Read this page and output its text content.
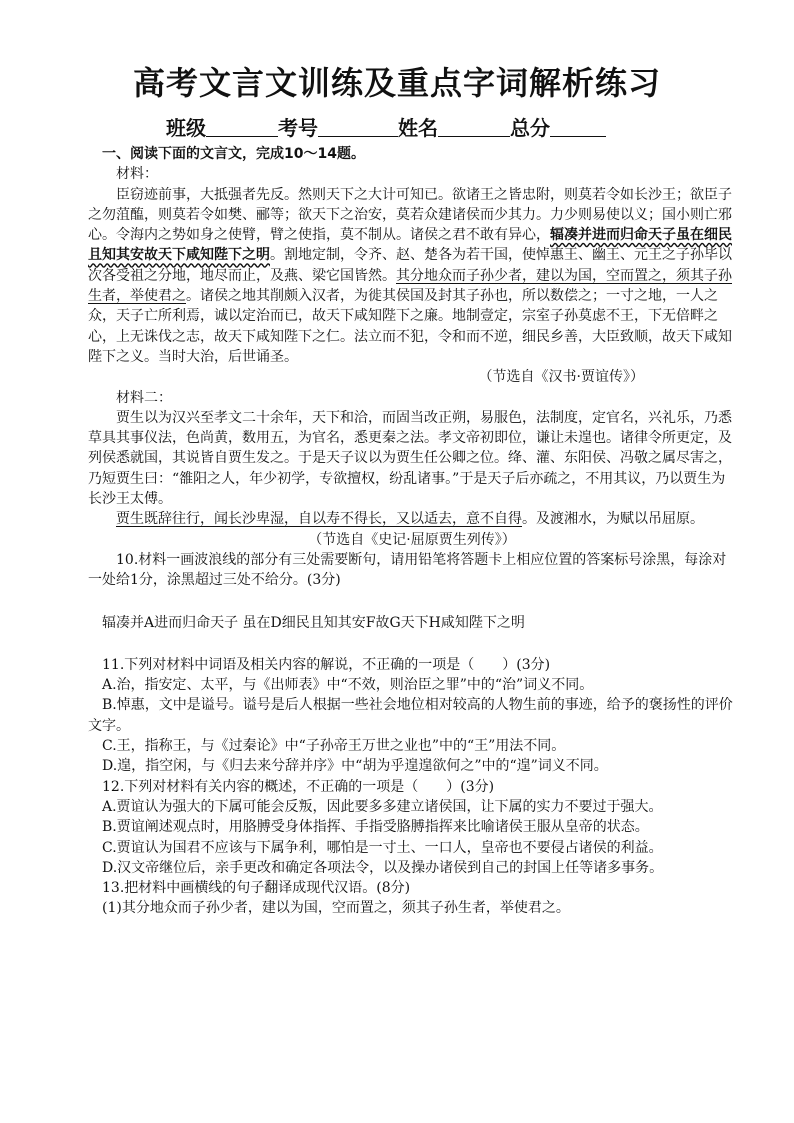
高考文言文训练及重点字词解析练习
班级	考号	姓名	总分

一、阅读下面的文言文，完成10～14题。

材料：

臣窃迹前事，大抵强者先反。然则天下之大计可知已。欲诸王之皆忠附，则莫若令如长沙王；欲臣子之勿菹醢，则莫若令如樊、郦等；欲天下之治安，莫若众建诸侯而少其力。力少则易使以义；国小则亡邪心。令海内之势如身之使臂，臂之使指，莫不制从。诸侯之君不敢有异心，辐凑并进而归命天子虽在细民且知其安故天下咸知陛下之明。割地定制，令齐、赵、楚各为若干国，使悼惠王、幽王、元王之子孙毕以次各受祖之分地，地尽而止，及燕、梁它国皆然。其分地众而子孙少者，建以为国，空而置之，须其子孙生者，举使君之。诸侯之地其削颇入汉者，为徙其侯国及封其子孙也，所以数偿之；一寸之地，一人之众，天子亡所利焉，诚以定治而已，故天下咸知陛下之廉。地制壹定，宗室子孙莫虑不王，下无倍畔之心，上无诛伐之志，故天下咸知陛下之仁。法立而不犯，令和而不逆，细民乡善，大臣致顺，故天下咸知陛下之义。当时大治，后世诵圣。

（节选自《汉书·贾谊传》）

材料二：

贾生以为汉兴至孝文二十余年，天下和洽，而固当改正朔，易服色，法制度，定官名，兴礼乐，乃悉草具其事仪法，色尚黄，数用五，为官名，悉更秦之法。孝文帝初即位，谦让未遑也。诸律令所更定，及列侯悉就国，其说皆自贾生发之。于是天子议以为贾生任公卿之位。绛、灌、东阳侯、冯敬之属尽害之，乃短贾生曰：“雒阳之人，年少初学，专欲擅权，纷乱诸事。”于是天子后亦疏之，不用其议，乃以贾生为长沙王太傅。

贾生既辞往行，闻长沙卑湿，自以寿不得长，又以适去，意不自得。及渡湘水，为赋以吊屈原。

（节选自《史记·屈原贾生列传》）

10.材料一画波浪线的部分有三处需要断句，请用铅笔将答题卡上相应位置的答案标号涂黑，每涂对一处给1分，涂黑超过三处不给分。(3分)

辐凑并A进而归命天子 虽在D细民且知其安F故G天下H咸知陛下之明

11.下列对材料中词语及相关内容的解说，不正确的一项是（　　）(3分)

A.治，指安定、太平，与《出师表》中“不效，则治臣之罪”中的“治”词义不同。

B.悼惠，文中是谥号。谥号是后人根据一些社会地位相对较高的人物生前的事迹，给予的褒扬性的评价文字。

C.王，指称王，与《过秦论》中“子孙帝王万世之业也”中的“王”用法不同。

D.遑，指空闲，与《归去来兮辞并序》中“胡为乎遑遑欲何之”中的“遑”词义不同。

12.下列对材料有关内容的概述，不正确的一项是（　　）(3分)

A.贾谊认为强大的下属可能会反叛，因此要多多建立诸侯国，让下属的实力不要过于强大。

B.贾谊阐述观点时，用胳膊受身体指挥、手指受胳膊指挥来比喻诸侯王服从皇帝的状态。

C.贾谊认为国君不应该与下属争利，哪怕是一寸土、一口人，皇帝也不要侵占诸侯的利益。

D.汉文帝继位后，亲手更改和确定各项法令，以及操办诸侯到自己的封国上任等诸多事务。

13.把材料中画横线的句子翻译成现代汉语。(8分)

(1)其分地众而子孙少者，建以为国，空而置之，须其子孙生者，举使君之。
